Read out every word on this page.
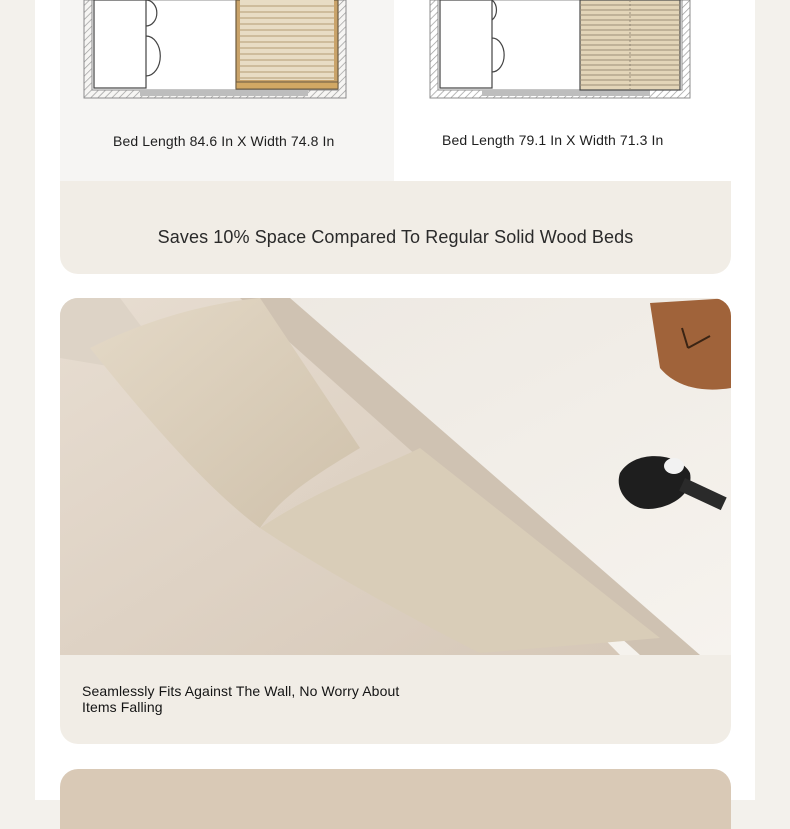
Bed Length 84.6 In X Width 74.8 In	Bed Length 79.1 In X Width 71.3 In
Saves 10% Space Compared To Regular Solid Wood Beds
Seamlessly Fits Against The Wall, No Worry About Items Falling
